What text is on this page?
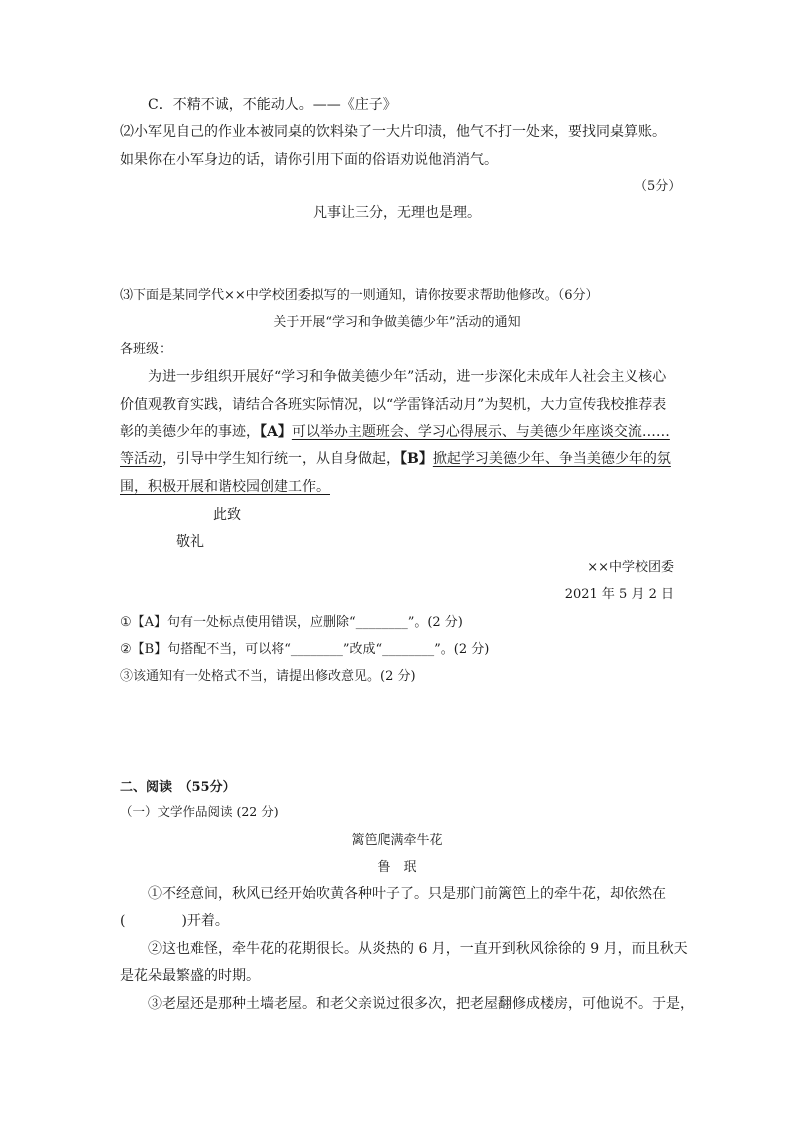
C．不精不诚，不能动人。——《庄子》
⑵小军见自己的作业本被同桌的饮料染了一大片印渍，他气不打一处来，要找同桌算账。
如果你在小军身边的话，请你引用下面的俗语劝说他消消气。
（5分）
凡事让三分，无理也是理。
⑶下面是某同学代××中学校团委拟写的一则通知，请你按要求帮助他修改。（6分）
关于开展“学习和争做美德少年”活动的通知
各班级：
为进一步组织开展好“学习和争做美德少年”活动，进一步深化未成年人社会主义核心
价值观教育实践，请结合各班实际情况，以“学雷锋活动月”为契机，大力宣传我校推荐表
彰的美德少年的事迹，【A】可以举办主题班会、学习心得展示、与美德少年座谈交流……
等活动，引导中学生知行统一，从自身做起，【B】掀起学习美德少年、争当美德少年的氛
围，积极开展和谐校园创建工作。
此致
敬礼
××中学校团委
2021 年 5 月 2 日
①【A】句有一处标点使用错误，应删除“________”。(2 分)
②【B】句搭配不当，可以将“________”改成“________”。(2 分)
③该通知有一处格式不当，请提出修改意见。(2 分)
二、阅读　（55分）
（一）文学作品阅读 (22 分)
篱笆爬满牵牛花
鲁　珉
①不经意间，秋风已经开始吹黄各种叶子了。只是那门前篱笆上的牵牛花，却依然在
(　　　　)开着。
②这也难怪，牵牛花的花期很长。从炎热的 6 月，一直开到秋风徐徐的 9 月，而且秋天
是花朵最繁盛的时期。
③老屋还是那种土墙老屋。和老父亲说过很多次，把老屋翻修成楼房，可他说不。于是，
